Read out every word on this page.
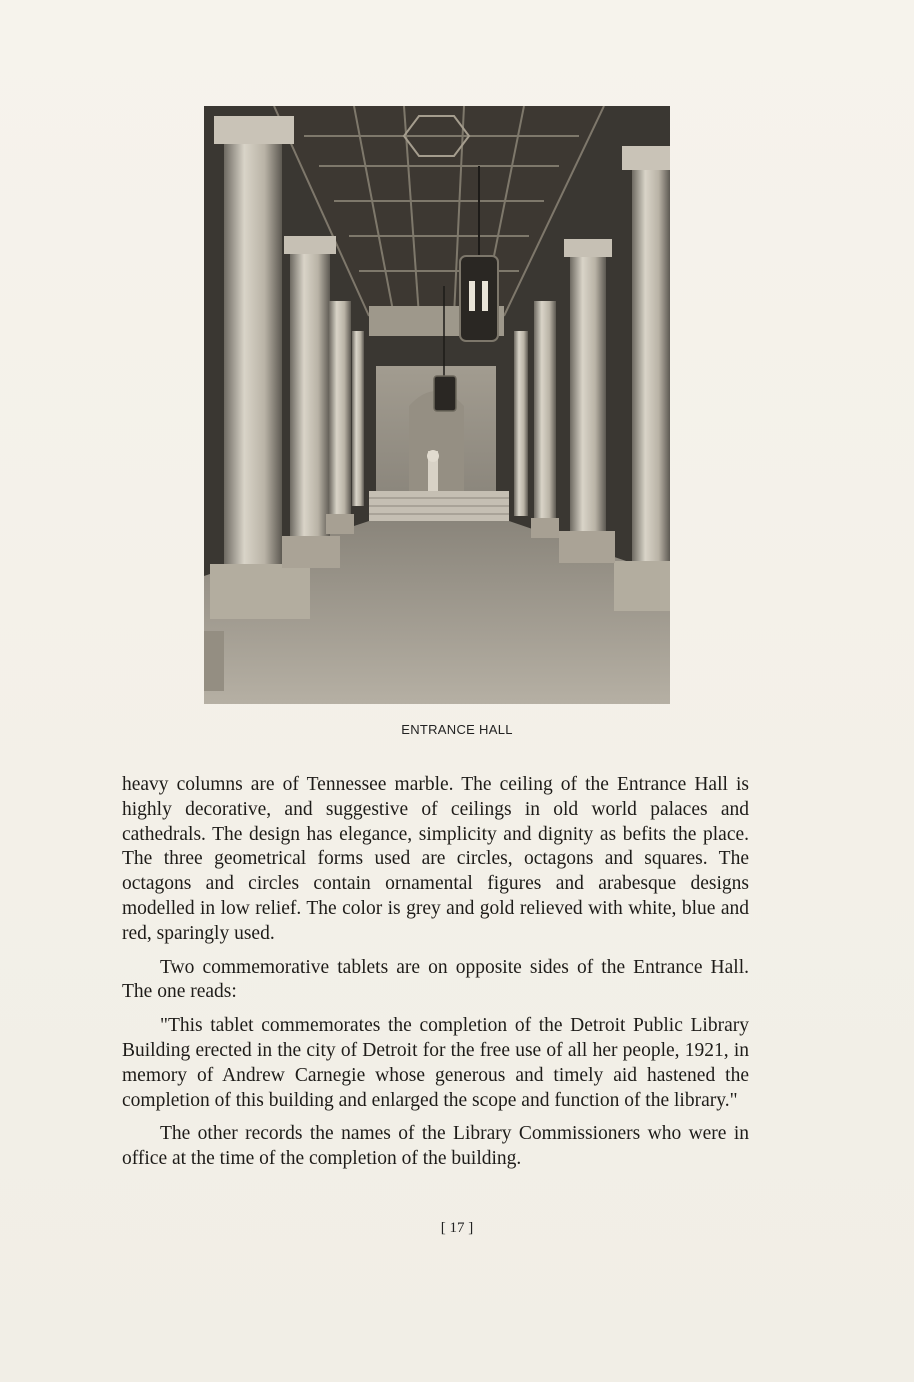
ENTRANCE HALL

heavy columns are of Tennessee marble. The ceiling of the Entrance Hall is highly decorative, and suggestive of ceilings in old world palaces and cathedrals. The design has elegance, simplicity and dignity as befits the place. The three geometrical forms used are circles, octagons and squares. The octagons and circles contain ornamental figures and arabesque designs modelled in low relief. The color is grey and gold relieved with white, blue and red, sparingly used.

Two commemorative tablets are on opposite sides of the Entrance Hall. The one reads:

"This tablet commemorates the completion of the Detroit Public Library Building erected in the city of Detroit for the free use of all her people, 1921, in memory of Andrew Carnegie whose generous and timely aid hastened the completion of this building and enlarged the scope and function of the library."

The other records the names of the Library Commissioners who were in office at the time of the completion of the building.

[ 17 ]
